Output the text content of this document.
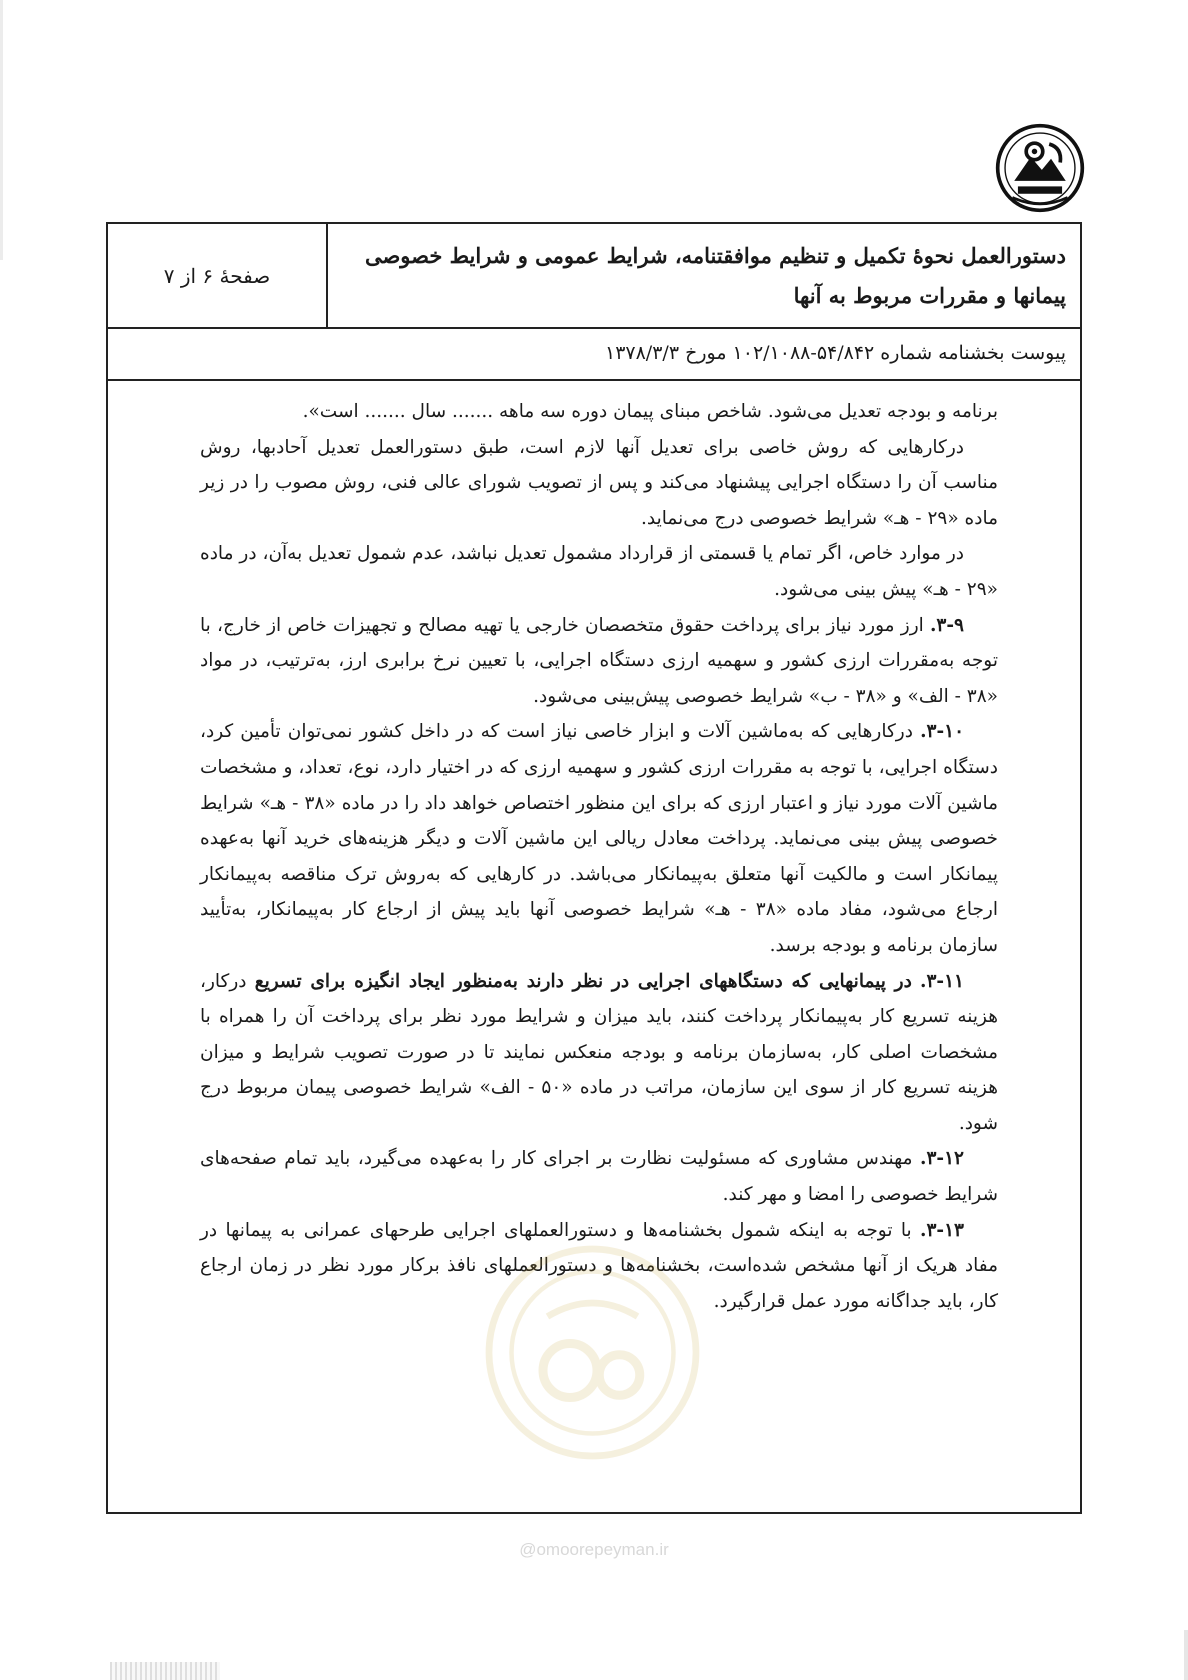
صفحهٔ ۶ از ۷
دستورالعمل نحوهٔ تکمیل و تنظیم موافقتنامه، شرایط عمومی و شرایط خصوصی
پیمانها و مقررات مربوط به آنها
پیوست بخشنامه شماره ۵۴/۸۴۲-۱۰۲/۱۰۸۸ مورخ ۱۳۷۸/۳/۳

برنامه و بودجه تعدیل می‌شود. شاخص مبنای پیمان دوره سه ماهه ....... سال ....... است».

درکارهایی که روش خاصی برای تعدیل آنها لازم است، طبق دستورالعمل تعدیل آحادبها، روش مناسب آن را دستگاه اجرایی پیشنهاد می‌کند و پس از تصویب شورای عالی فنی، روش مصوب را در زیر ماده «۲۹ - هـ» شرایط خصوصی درج می‌نماید.

در موارد خاص، اگر تمام یا قسمتی از قرارداد مشمول تعدیل نباشد، عدم شمول تعدیل به‌آن، در ماده «۲۹ - هـ» پیش بینی می‌شود.

۳-۹. ارز مورد نیاز برای پرداخت حقوق متخصصان خارجی یا تهیه مصالح و تجهیزات خاص از خارج، با توجه به‌مقررات ارزی کشور و سهمیه ارزی دستگاه اجرایی، با تعیین نرخ برابری ارز، به‌ترتیب، در مواد «۳۸ - الف» و «۳۸ - ب» شرایط خصوصی پیش‌بینی می‌شود.

۳-۱۰. درکارهایی که به‌ماشین آلات و ابزار خاصی نیاز است که در داخل کشور نمی‌توان تأمین کرد، دستگاه اجرایی، با توجه به مقررات ارزی کشور و سهمیه ارزی که در اختیار دارد، نوع، تعداد، و مشخصات ماشین آلات مورد نیاز و اعتبار ارزی که برای این منظور اختصاص خواهد داد را در ماده «۳۸ - هـ» شرایط خصوصی پیش بینی می‌نماید. پرداخت معادل ریالی این ماشین آلات و دیگر هزینه‌های خرید آنها به‌عهده پیمانکار است و مالکیت آنها متعلق به‌پیمانکار می‌باشد. در کارهایی که به‌روش ترک مناقصه به‌پیمانکار ارجاع می‌شود، مفاد ماده «۳۸ - هـ» شرایط خصوصی آنها باید پیش از ارجاع کار به‌پیمانکار، به‌تأیید سازمان برنامه و بودجه برسد.

۳-۱۱. در پیمانهایی که دستگاههای اجرایی در نظر دارند به‌منظور ایجاد انگیزه برای تسریع درکار، هزینه تسریع کار به‌پیمانکار پرداخت کنند، باید میزان و شرایط مورد نظر برای پرداخت آن را همراه با مشخصات اصلی کار، به‌سازمان برنامه و بودجه منعکس نمایند تا در صورت تصویب شرایط و میزان هزینه تسریع کار از سوی این سازمان، مراتب در ماده «۵۰ - الف» شرایط خصوصی پیمان مربوط درج شود.

۳-۱۲. مهندس مشاوری که مسئولیت نظارت بر اجرای کار را به‌عهده می‌گیرد، باید تمام صفحه‌های شرایط خصوصی را امضا و مهر کند.

۳-۱۳. با توجه به اینکه شمول بخشنامه‌ها و دستورالعملهای اجرایی طرحهای عمرانی به پیمانها در مفاد هریک از آنها مشخص شده‌است، بخشنامه‌ها و دستورالعملهای نافذ برکار مورد نظر در زمان ارجاع کار، باید جداگانه مورد عمل قرارگیرد.

@omoorepeyman.ir
